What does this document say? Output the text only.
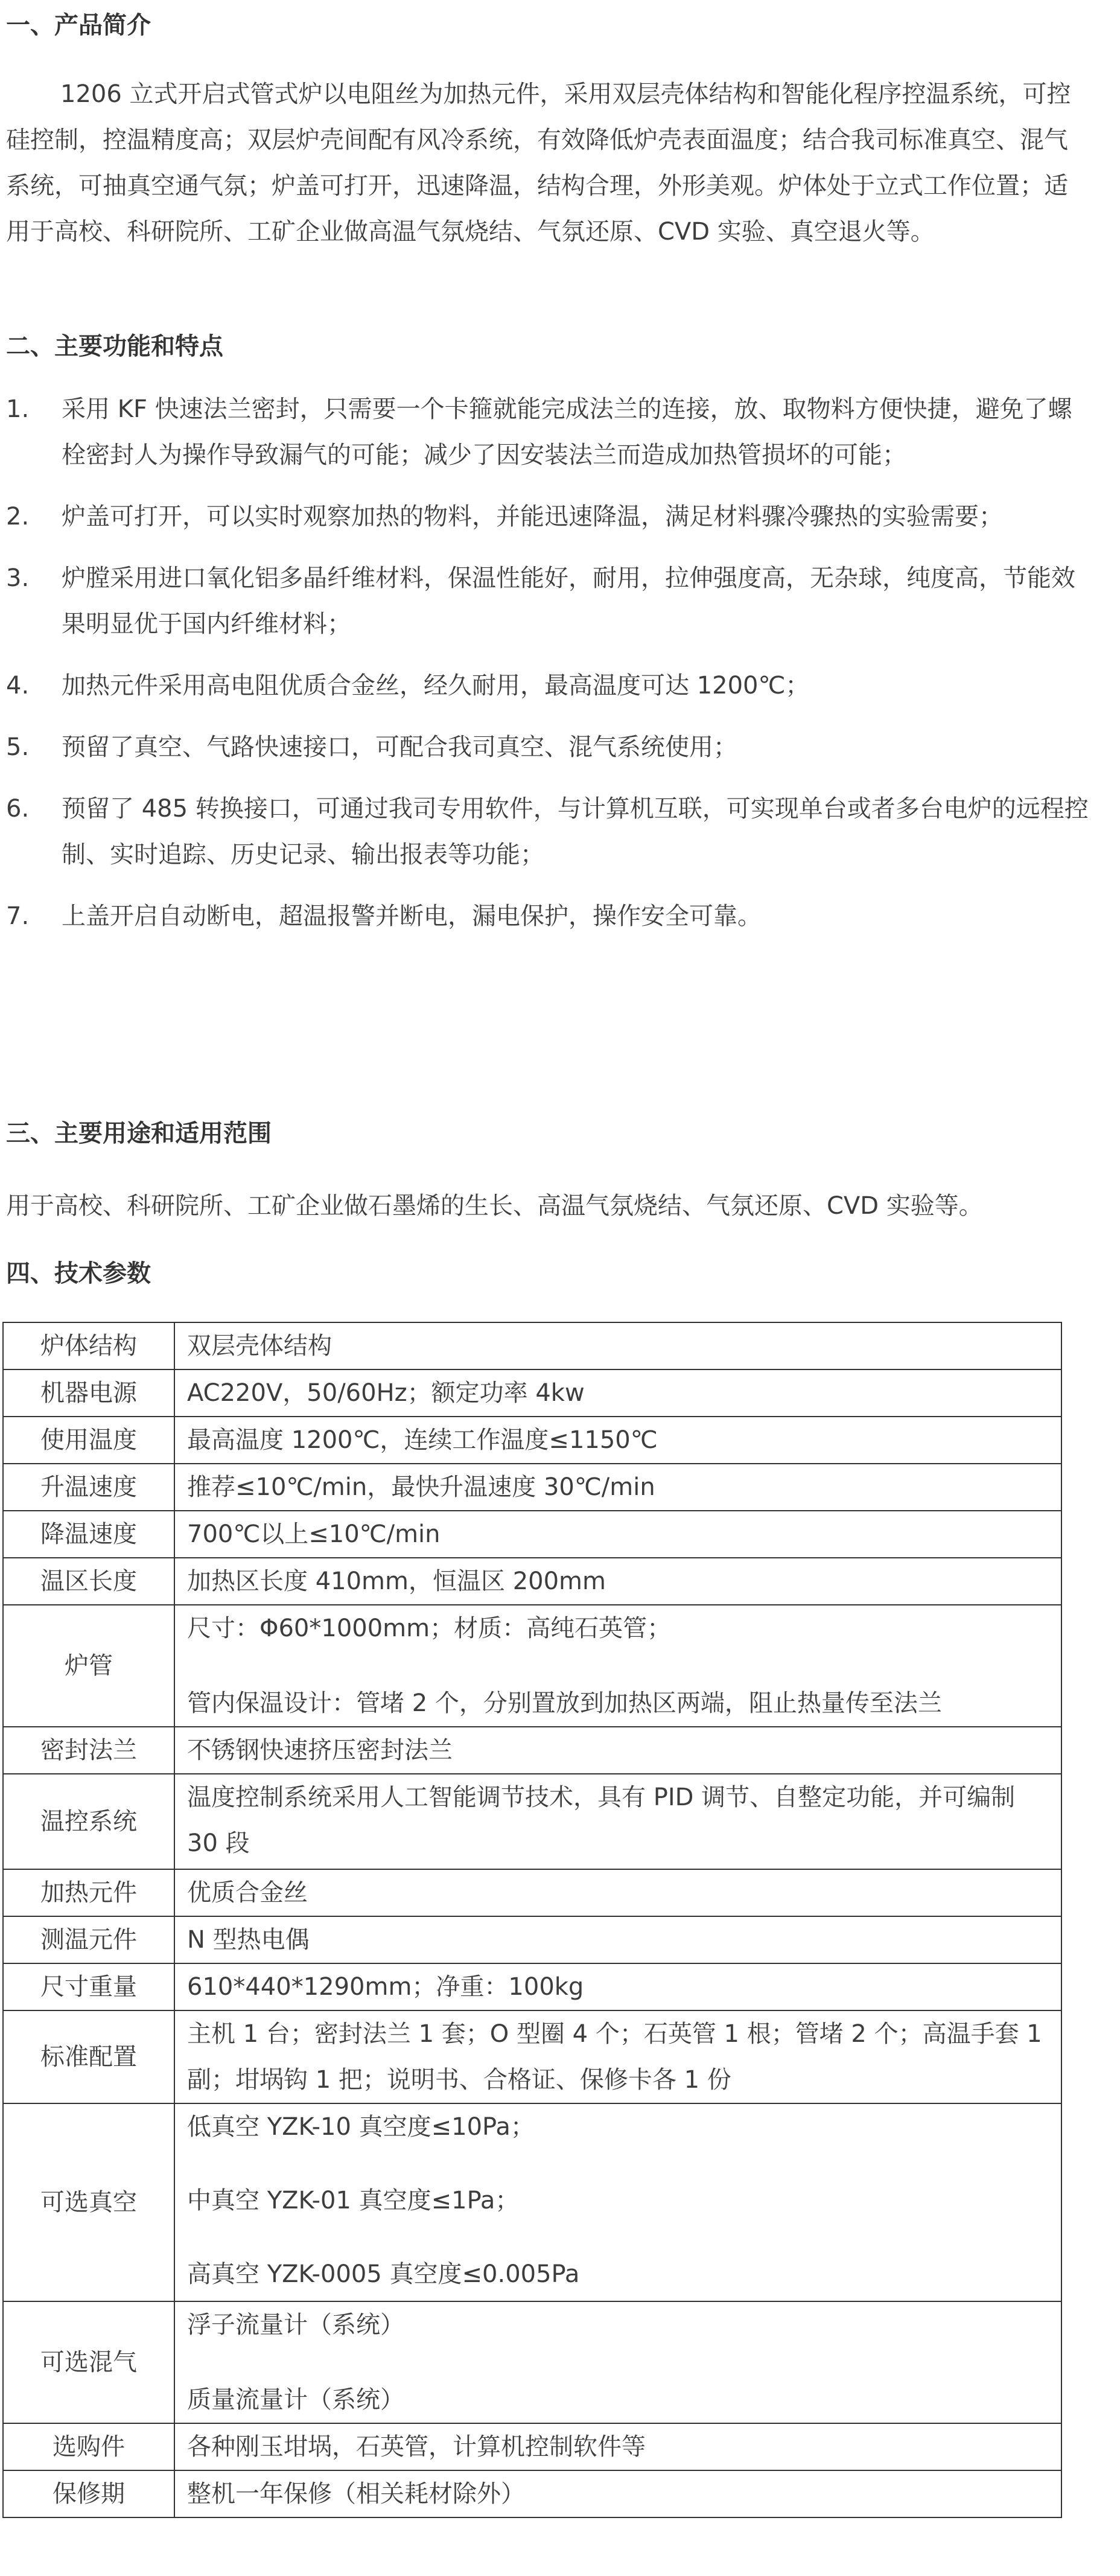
一、产品简介

1206 立式开启式管式炉以电阻丝为加热元件，采用双层壳体结构和智能化程序控温系统，可控硅控制，控温精度高；双层炉壳间配有风冷系统，有效降低炉壳表面温度；结合我司标准真空、混气系统，可抽真空通气氛；炉盖可打开，迅速降温，结构合理，外形美观。炉体处于立式工作位置；适用于高校、科研院所、工矿企业做高温气氛烧结、气氛还原、CVD 实验、真空退火等。

二、主要功能和特点
1. 采用 KF 快速法兰密封，只需要一个卡箍就能完成法兰的连接，放、取物料方便快捷，避免了螺栓密封人为操作导致漏气的可能；减少了因安装法兰而造成加热管损坏的可能；
2. 炉盖可打开，可以实时观察加热的物料，并能迅速降温，满足材料骤冷骤热的实验需要；
3. 炉膛采用进口氧化铝多晶纤维材料，保温性能好，耐用，拉伸强度高，无杂球，纯度高，节能效果明显优于国内纤维材料；
4. 加热元件采用高电阻优质合金丝，经久耐用，最高温度可达 1200℃；
5. 预留了真空、气路快速接口，可配合我司真空、混气系统使用；
6. 预留了 485 转换接口，可通过我司专用软件，与计算机互联，可实现单台或者多台电炉的远程控制、实时追踪、历史记录、输出报表等功能；
7. 上盖开启自动断电，超温报警并断电，漏电保护，操作安全可靠。
三、主要用途和适用范围

用于高校、科研院所、工矿企业做石墨烯的生长、高温气氛烧结、气氛还原、CVD 实验等。

四、技术参数
炉体结构	双层壳体结构

机器电源	AC220V，50/60Hz；额定功率 4kw

使用温度	最高温度 1200℃，连续工作温度≤1150℃

升温速度	推荐≤10℃/min，最快升温速度 30℃/min

降温速度	700℃以上≤10℃/min

温区长度	加热区长度 410mm，恒温区 200mm

炉管	尺寸：Φ60*1000mm；材质：高纯石英管；
管内保温设计：管堵 2 个，分别置放到加热区两端，阻止热量传至法兰

密封法兰	不锈钢快速挤压密封法兰

温控系统	温度控制系统采用人工智能调节技术，具有 PID 调节、自整定功能，并可编制 30 段

加热元件	优质合金丝

测温元件	N 型热电偶

尺寸重量	610*440*1290mm；净重：100kg

标准配置	主机 1 台；密封法兰 1 套；O 型圈 4 个；石英管 1 根；管堵 2 个；高温手套 1 副；坩埚钩 1 把；说明书、合格证、保修卡各 1 份

可选真空	低真空 YZK-10 真空度≤10Pa；
中真空 YZK-01 真空度≤1Pa；
高真空 YZK-0005 真空度≤0.005Pa

可选混气	浮子流量计（系统）
质量流量计（系统）

选购件	各种刚玉坩埚，石英管，计算机控制软件等

保修期	整机一年保修（相关耗材除外）
